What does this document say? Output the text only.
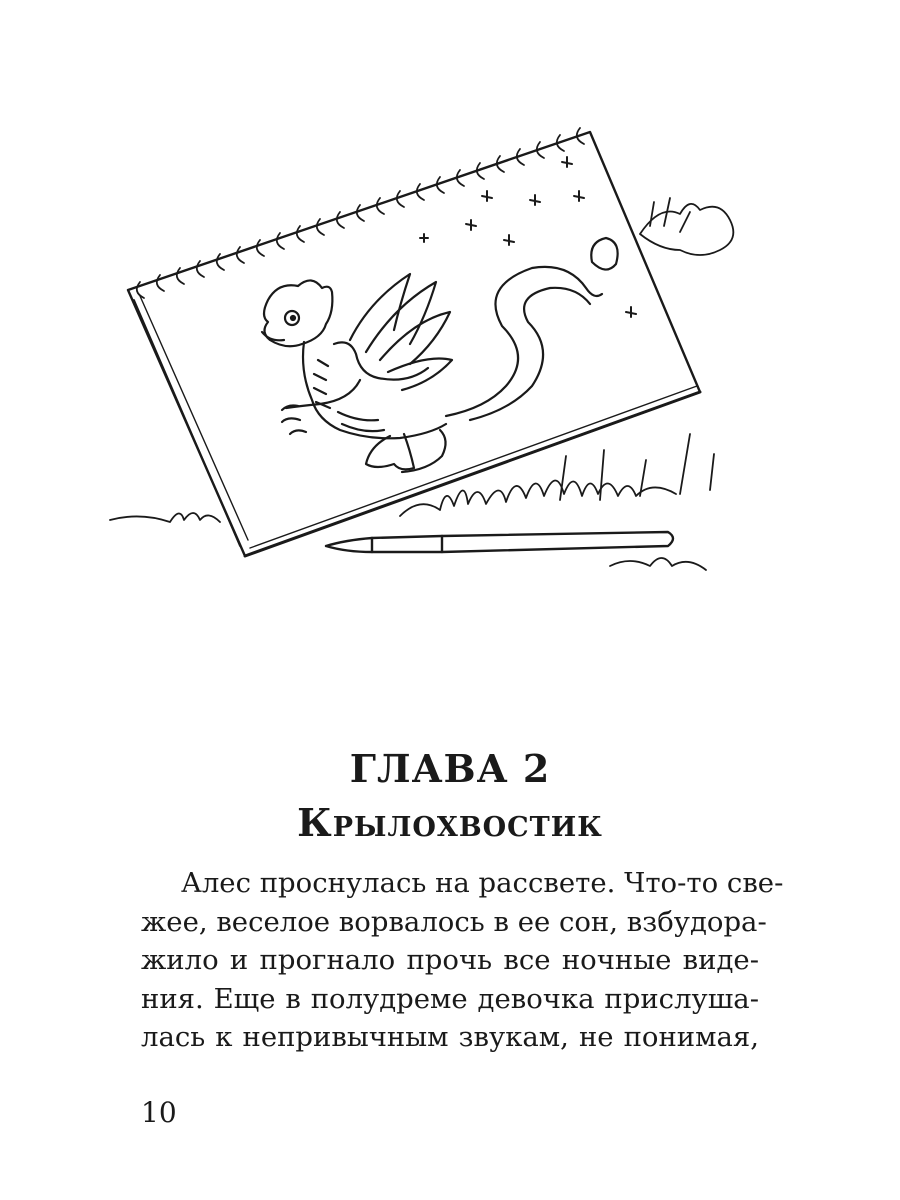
ГЛАВА 2
Крылохвостик
Алес проснулась на рассвете. Что-то све-
жее, веселое ворвалось в ее сон, взбудора-
жило и прогнало прочь все ночные виде-
ния. Еще в полудреме девочка прислуша-
лась к непривычным звукам, не понимая,
10
